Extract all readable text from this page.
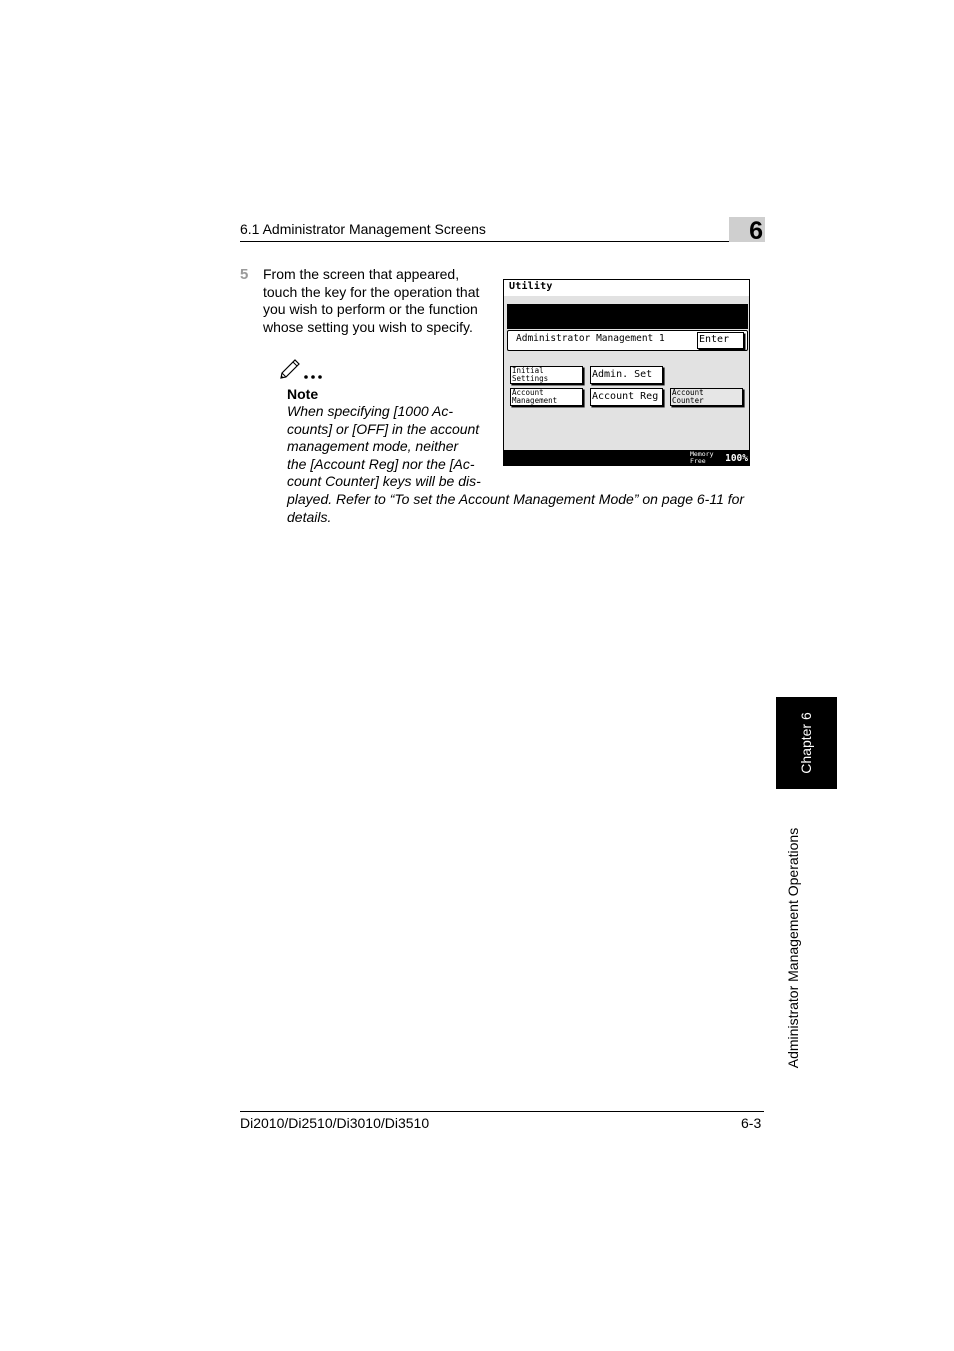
6.1 Administrator Management Screens	6
5 From the screen that appeared, touch the key for the operation that you wish to perform or the function whose setting you wish to specify.
Note
When specifying [1000 Ac-
counts] or [OFF] in the account
management mode, neither
the [Account Reg] nor the [Ac-
count Counter] keys will be dis-
played. Refer to “To set the Account Management Mode” on page 6-11 for
details.
Utility
Administrator Management 1	Enter
Initial
Settings	Admin. Set
Account
Management	Account Reg	Account
Counter
Memory
Free	100%
Chapter 6
Administrator Management Operations
Di2010/Di2510/Di3010/Di3510	6-3
